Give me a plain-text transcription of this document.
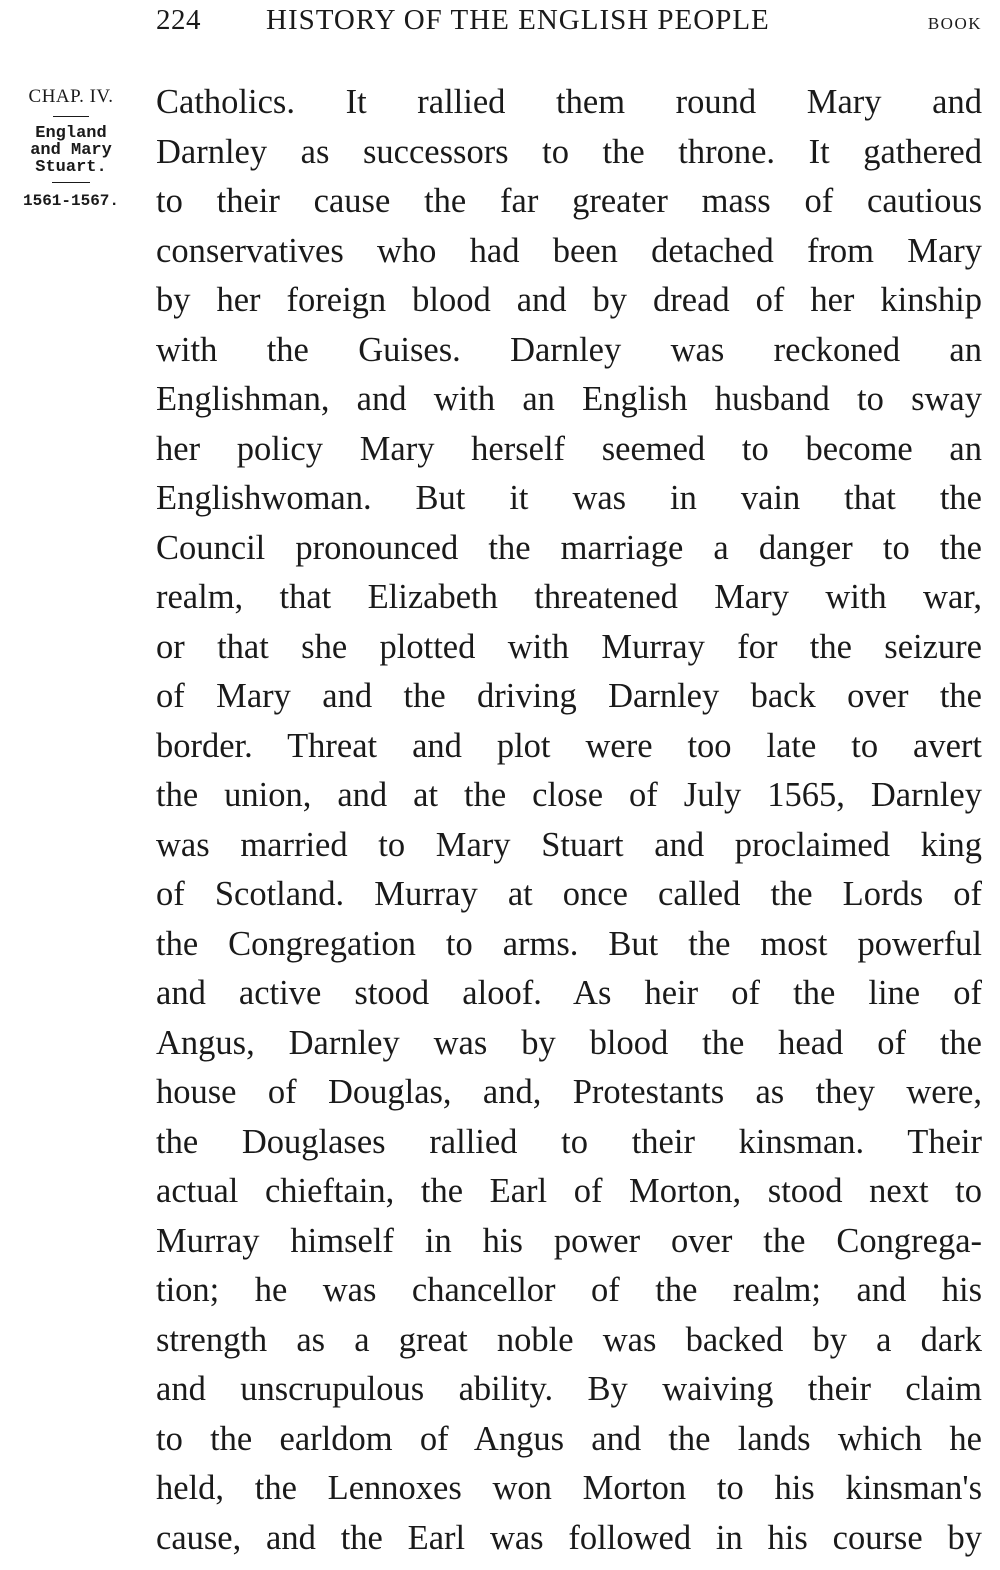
224 HISTORY OF THE ENGLISH PEOPLE	BOOK
CHAP. IV.
England
and Mary
Stuart.
1561-1567.
Catholics. It rallied them round Mary and
Darnley as successors to the throne. It gathered
to their cause the far greater mass of cautious
conservatives who had been detached from Mary
by her foreign blood and by dread of her kinship
with the Guises. Darnley was reckoned an
Englishman, and with an English husband to sway
her policy Mary herself seemed to become an
Englishwoman. But it was in vain that the
Council pronounced the marriage a danger to the
realm, that Elizabeth threatened Mary with war,
or that she plotted with Murray for the seizure
of Mary and the driving Darnley back over the
border. Threat and plot were too late to avert
the union, and at the close of July 1565, Darnley
was married to Mary Stuart and proclaimed king
of Scotland. Murray at once called the Lords of
the Congregation to arms. But the most powerful
and active stood aloof. As heir of the line of
Angus, Darnley was by blood the head of the
house of Douglas, and, Protestants as they were,
the Douglases rallied to their kinsman. Their
actual chieftain, the Earl of Morton, stood next to
Murray himself in his power over the Congrega-
tion; he was chancellor of the realm; and his
strength as a great noble was backed by a dark
and unscrupulous ability. By waiving their claim
to the earldom of Angus and the lands which he
held, the Lennoxes won Morton to his kinsman's
cause, and the Earl was followed in his course by
